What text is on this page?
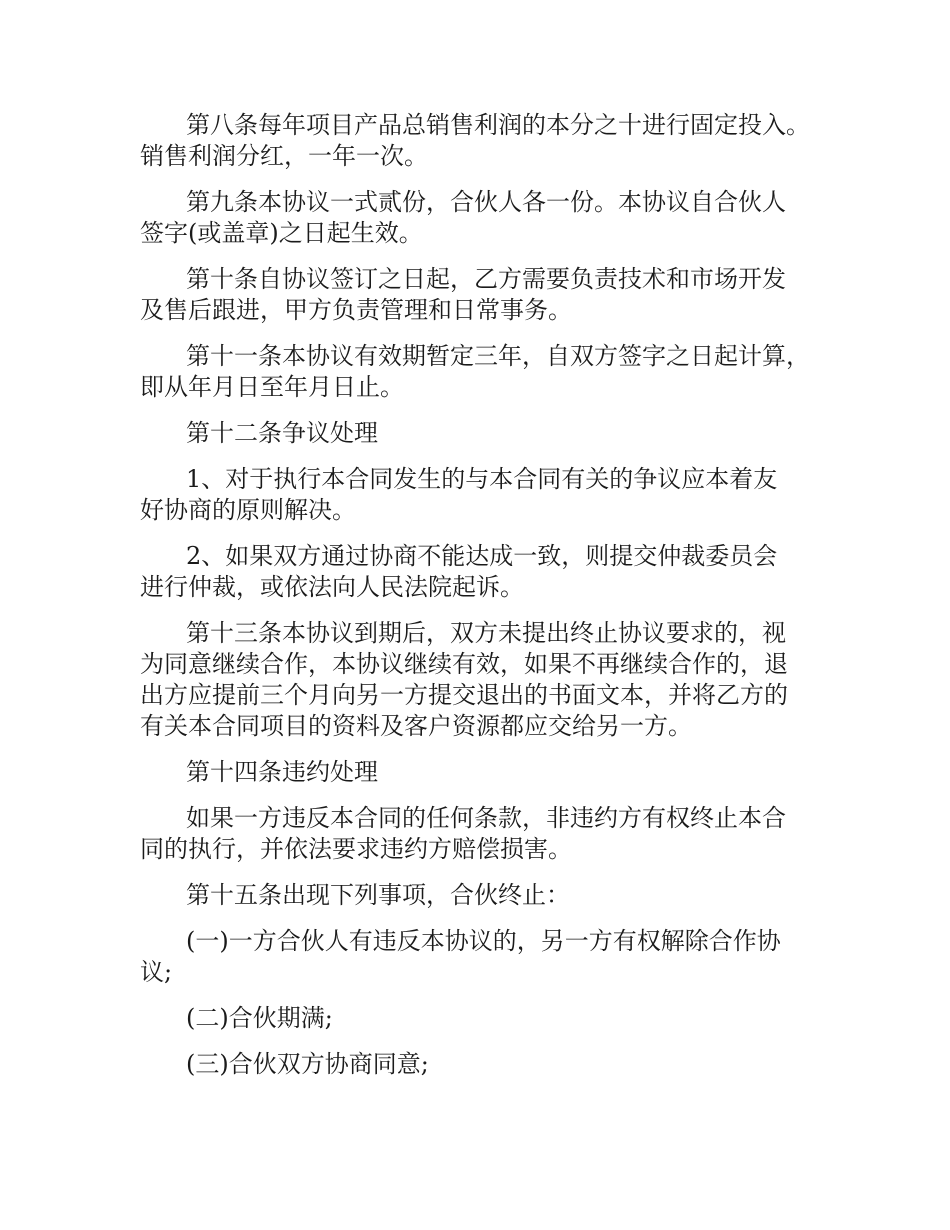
第八条每年项目产品总销售利润的本分之十进行固定投入。
销售利润分红，一年一次。

第九条本协议一式贰份，合伙人各一份。本协议自合伙人
签字(或盖章)之日起生效。

第十条自协议签订之日起，乙方需要负责技术和市场开发
及售后跟进，甲方负责管理和日常事务。

第十一条本协议有效期暂定三年，自双方签字之日起计算，
即从年月日至年月日止。

第十二条争议处理

1、对于执行本合同发生的与本合同有关的争议应本着友
好协商的原则解决。

2、如果双方通过协商不能达成一致，则提交仲裁委员会
进行仲裁，或依法向人民法院起诉。

第十三条本协议到期后，双方未提出终止协议要求的，视
为同意继续合作，本协议继续有效，如果不再继续合作的，退
出方应提前三个月向另一方提交退出的书面文本，并将乙方的
有关本合同项目的资料及客户资源都应交给另一方。

第十四条违约处理

如果一方违反本合同的任何条款，非违约方有权终止本合
同的执行，并依法要求违约方赔偿损害。

第十五条出现下列事项，合伙终止：

(一)一方合伙人有违反本协议的，另一方有权解除合作协
议;

(二)合伙期满;

(三)合伙双方协商同意;
